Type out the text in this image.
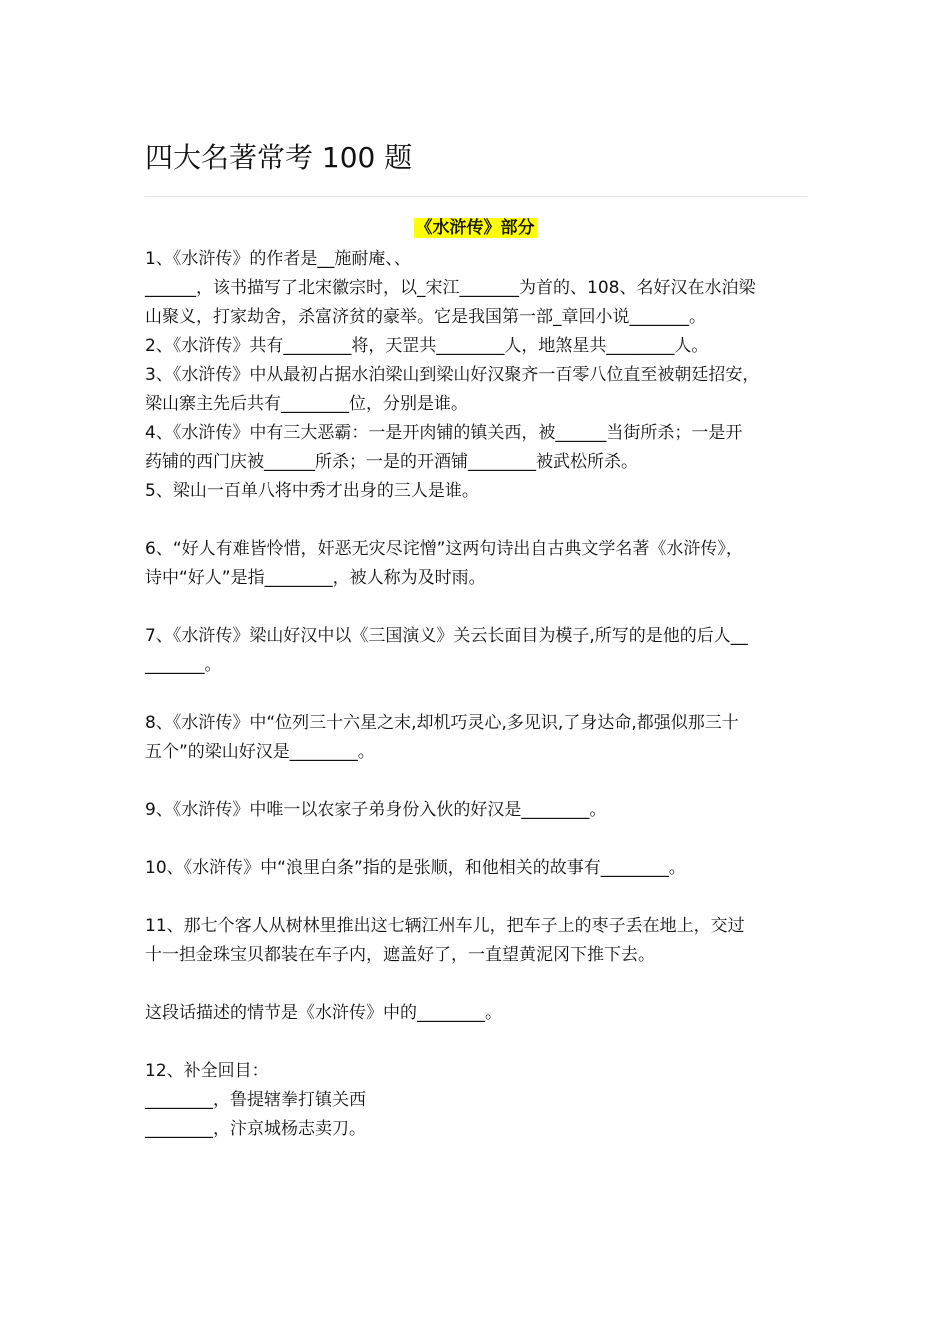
四大名著常考 100 题
《水浒传》部分

1、《水浒传》的作者是__施耐庵、、

______，该书描写了北宋徽宗时，以_宋江_______为首的、108、名好汉在水泊梁

山聚义，打家劫舍，杀富济贫的豪举。它是我国第一部_章回小说_______。

2、《水浒传》共有________将，天罡共________人，地煞星共________人。

3、《水浒传》中从最初占据水泊梁山到梁山好汉聚齐一百零八位直至被朝廷招安，

梁山寨主先后共有________位，分别是谁。

4、《水浒传》中有三大恶霸：一是开肉铺的镇关西，被______当街所杀；一是开

药铺的西门庆被______所杀；一是的开酒铺________被武松所杀。

5、梁山一百单八将中秀才出身的三人是谁。

6、“好人有难皆怜惜，奸恶无灾尽诧憎”这两句诗出自古典文学名著《水浒传》，

诗中“好人”是指________，被人称为及时雨。

7、《水浒传》梁山好汉中以《三国演义》关云长面目为模子,所写的是他的后人__

_______。

8、《水浒传》中“位列三十六星之末,却机巧灵心,多见识,了身达命,都强似那三十

五个”的梁山好汉是________。

9、《水浒传》中唯一以农家子弟身份入伙的好汉是________。

10、《水浒传》中“浪里白条”指的是张顺，和他相关的故事有________。

11、那七个客人从树林里推出这七辆江州车儿，把车子上的枣子丢在地上，交过

十一担金珠宝贝都装在车子内，遮盖好了，一直望黄泥冈下推下去。

这段话描述的情节是《水浒传》中的________。

12、补全回目：

________，鲁提辖拳打镇关西

________，汴京城杨志卖刀。
